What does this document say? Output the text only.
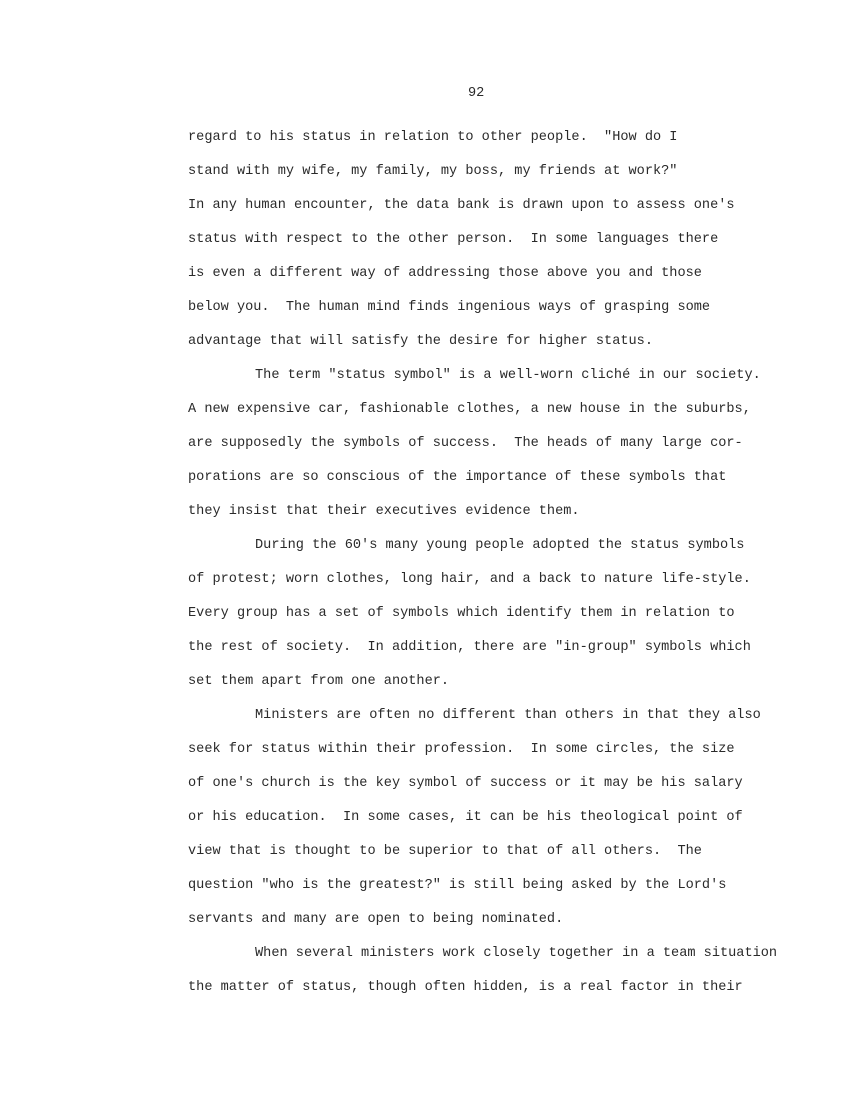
92
regard to his status in relation to other people.  "How do I
stand with my wife, my family, my boss, my friends at work?"
In any human encounter, the data bank is drawn upon to assess one's
status with respect to the other person.  In some languages there
is even a different way of addressing those above you and those
below you.  The human mind finds ingenious ways of grasping some
advantage that will satisfy the desire for higher status.
The term "status symbol" is a well-worn cliché in our society.
A new expensive car, fashionable clothes, a new house in the suburbs,
are supposedly the symbols of success.  The heads of many large cor-
porations are so conscious of the importance of these symbols that
they insist that their executives evidence them.
During the 60's many young people adopted the status symbols
of protest; worn clothes, long hair, and a back to nature life-style.
Every group has a set of symbols which identify them in relation to
the rest of society.  In addition, there are "in-group" symbols which
set them apart from one another.
Ministers are often no different than others in that they also
seek for status within their profession.  In some circles, the size
of one's church is the key symbol of success or it may be his salary
or his education.  In some cases, it can be his theological point of
view that is thought to be superior to that of all others.  The
question "who is the greatest?" is still being asked by the Lord's
servants and many are open to being nominated.
When several ministers work closely together in a team situation
the matter of status, though often hidden, is a real factor in their
